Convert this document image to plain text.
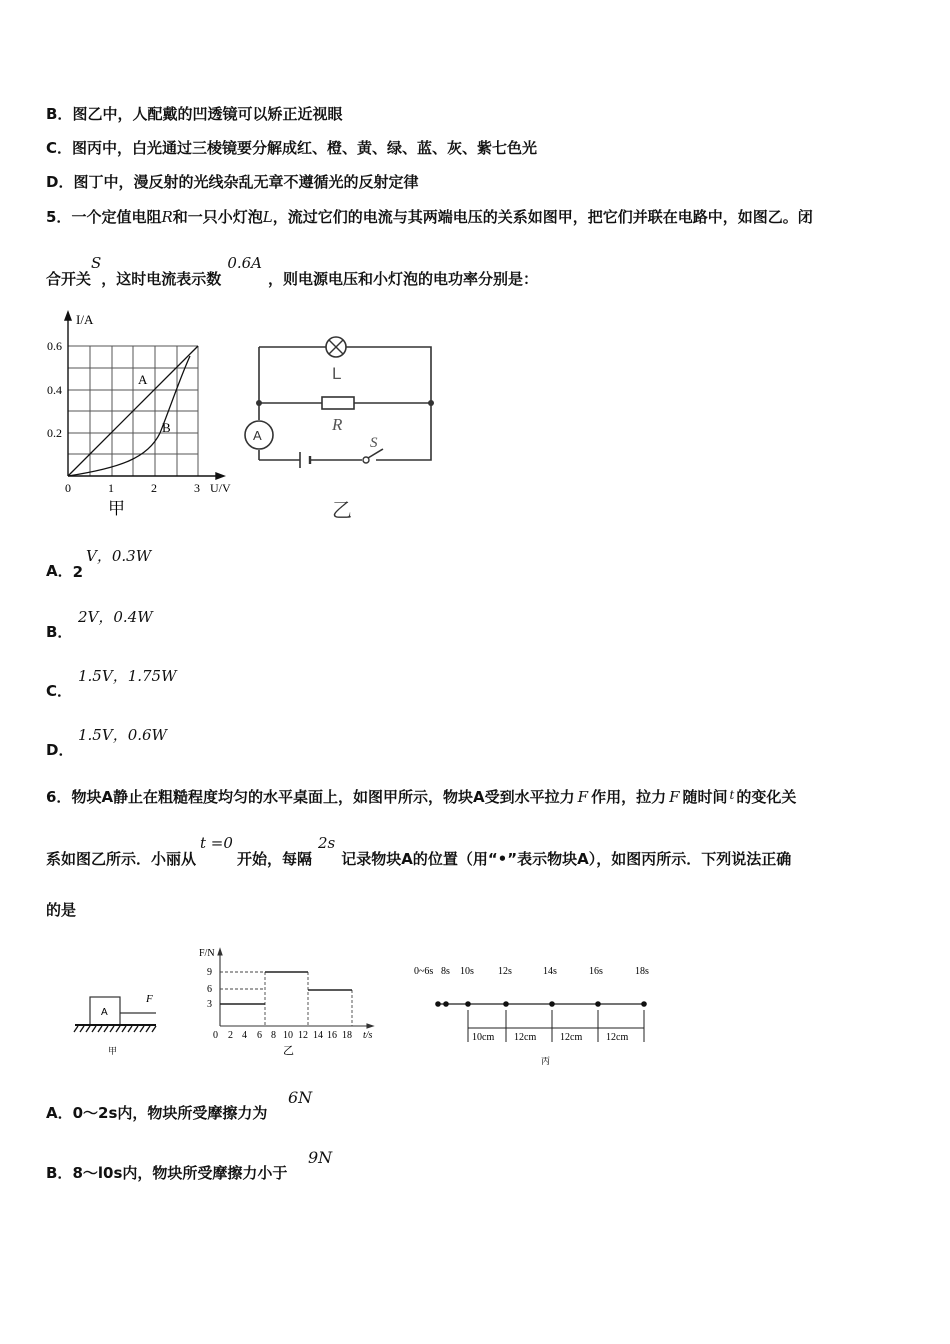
B．图乙中，人配戴的凹透镜可以矫正近视眼
C．图丙中，白光通过三棱镜要分解成红、橙、黄、绿、蓝、灰、紫七色光
D．图丁中，漫反射的光线杂乱无章不遵循光的反射定律
5．一个定值电阻R和一只小灯泡L，流过它们的电流与其两端电压的关系如图甲，把它们并联在电路中，如图乙。闭
合开关S，这时电流表示数0.6A，则电源电压和小灯泡的电功率分别是：
I/A
0.6
0.4
0.2
0	1	2	3 U/V
A
B
甲
L
R
A	S
乙
A．2
V，0.3W
B．
2V，0.4W
C．
1.5V，1.75W
D．
1.5V，0.6W
6．物块A静止在粗糙程度均匀的水平桌面上，如图甲所示，物块A受到水平拉力 F 作用，拉力 F 随时间 $^t$ 的变化关
系如图乙所示．小丽从t =0开始，每隔2s记录物块A的位置（用“•”表示物块A），如图丙所示．下列说法正确
的是
A
F
甲
F/N
9
6
3
0 2 4 6 8 10 12 14 16 18 t/s
乙
0~6s 8s 10s 12s	14s	16s	18s
10cm 12cm 12cm 12cm
丙
A．0～2s内，物块所受摩擦力为
6N
B．8～l0s内，物块所受摩擦力小于
9N
